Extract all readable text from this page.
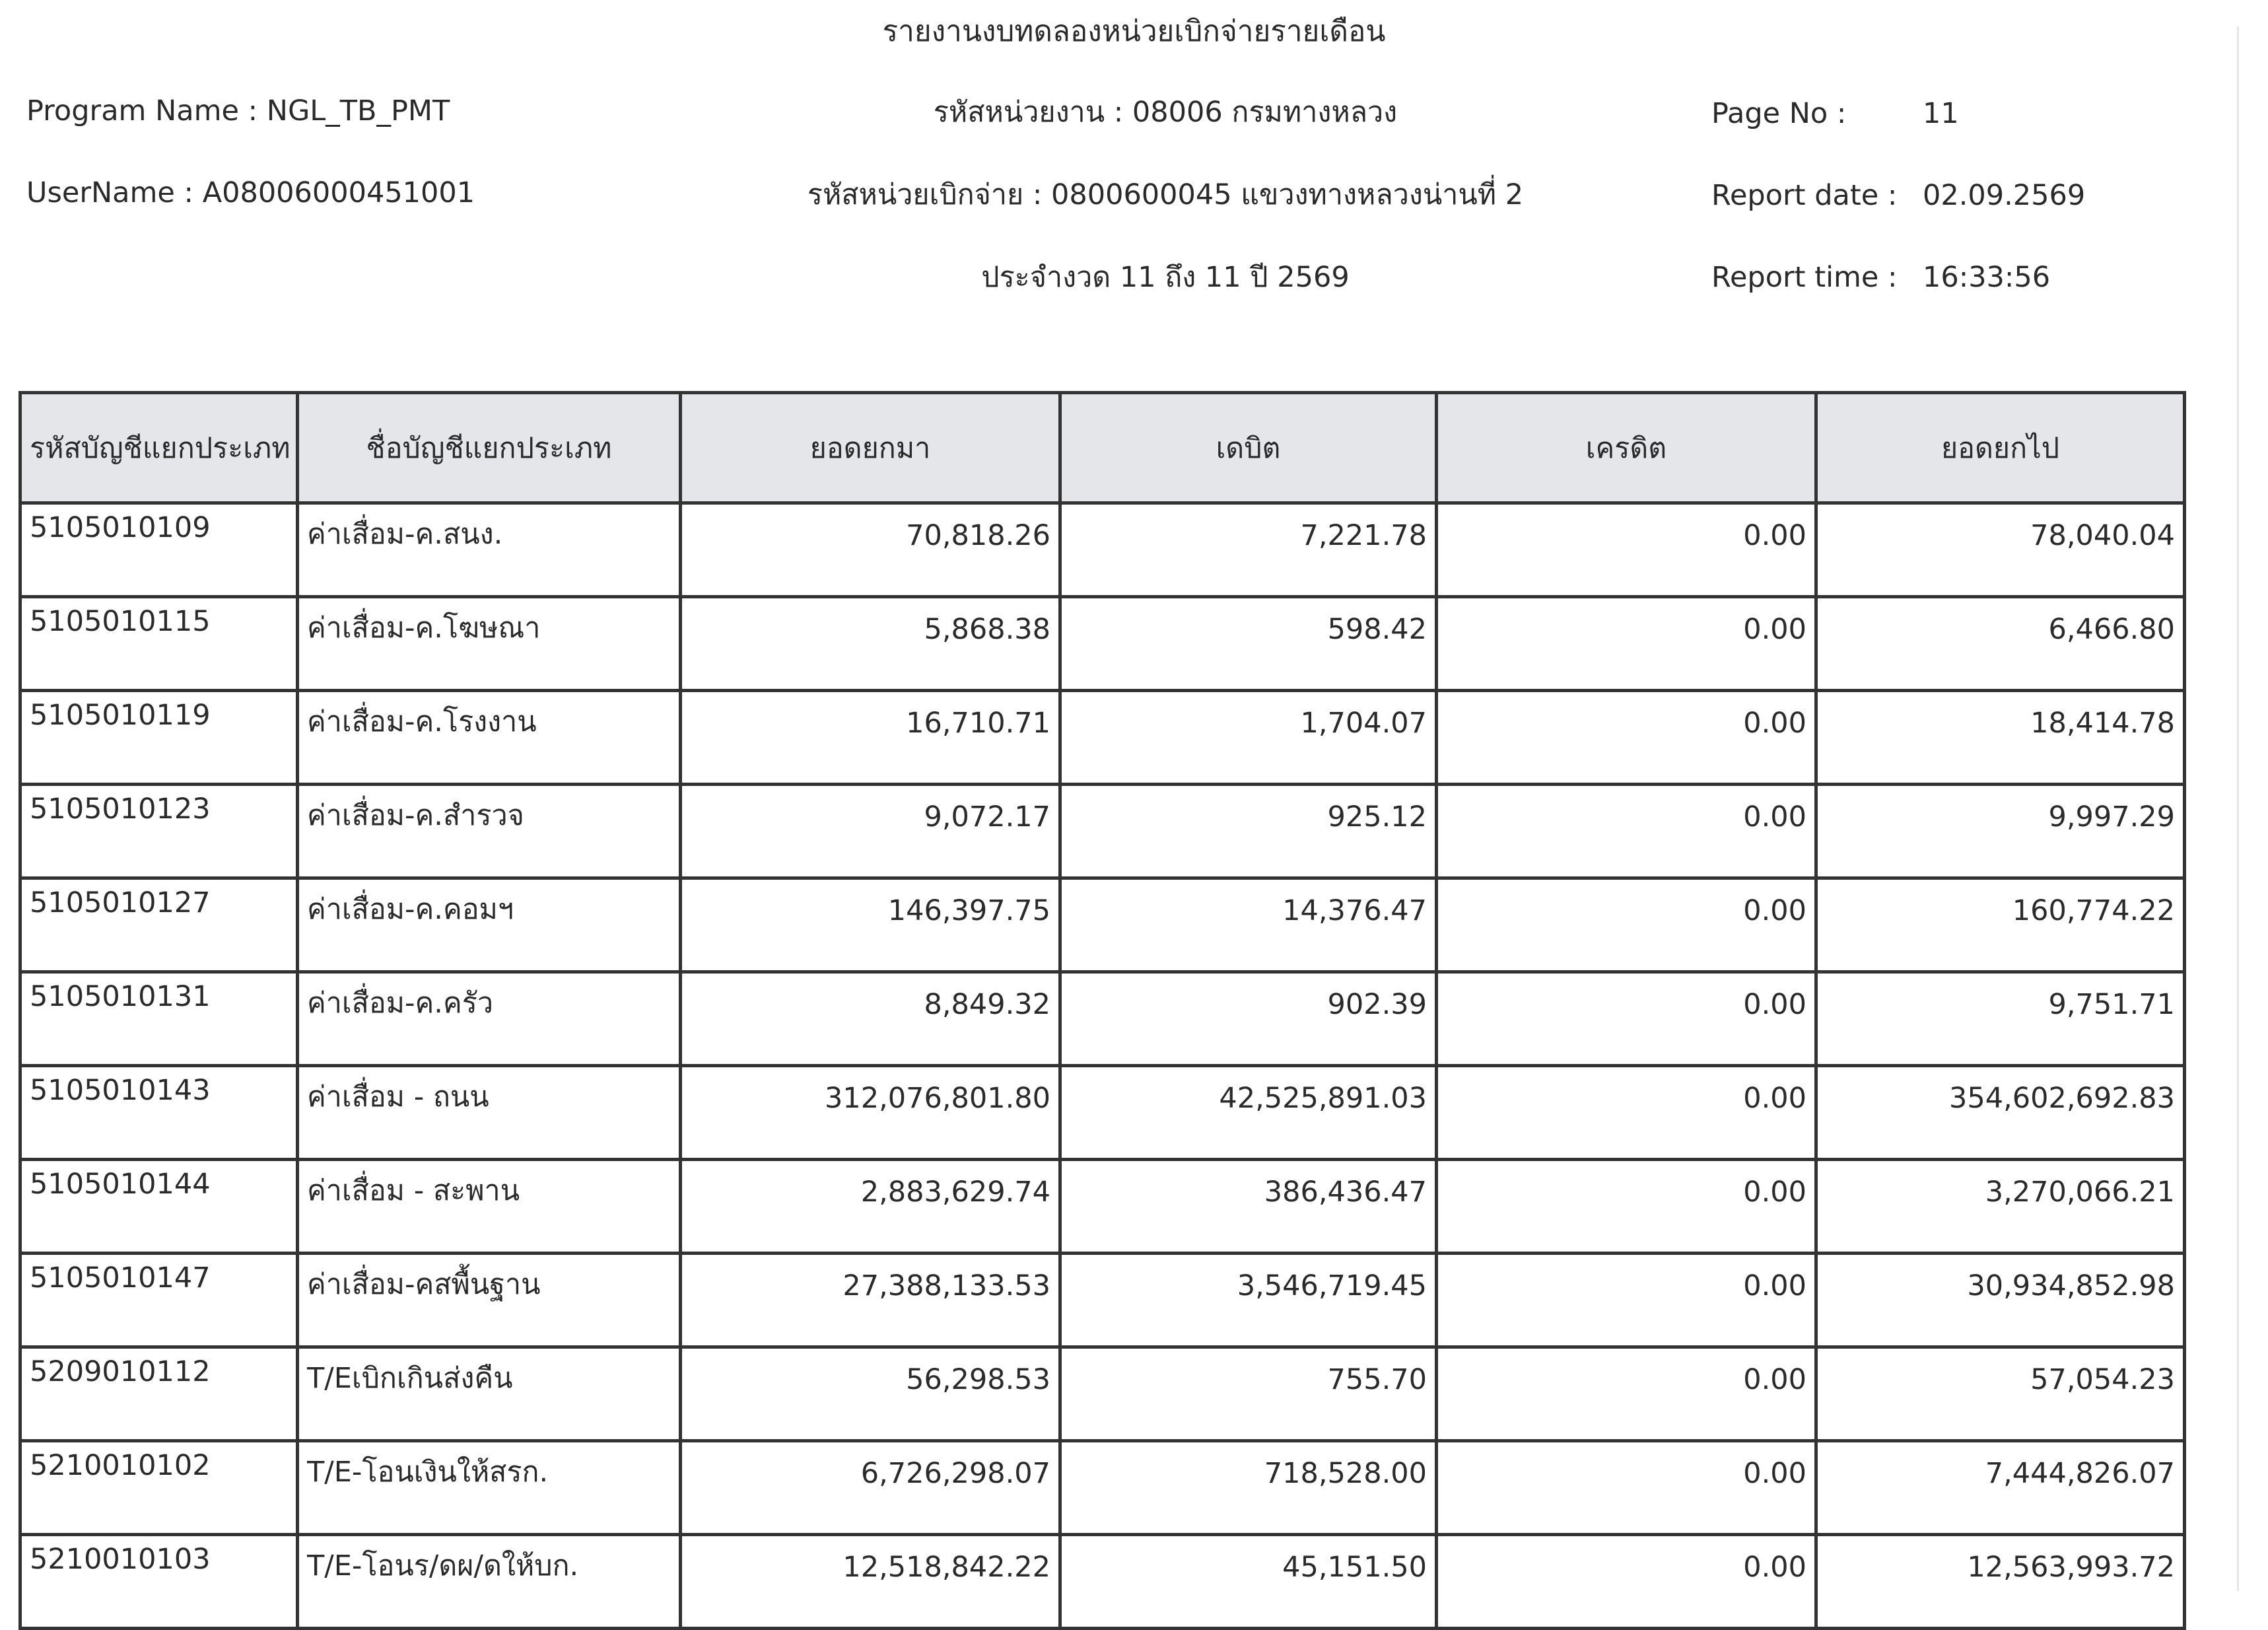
รายงานงบทดลองหน่วยเบิกจ่ายรายเดือน
Program Name : NGL_TB_PMT
UserName : A08006000451001
รหัสหน่วยงาน : 08006 กรมทางหลวง
รหัสหน่วยเบิกจ่าย : 0800600045 แขวงทางหลวงน่านที่ 2
ประจำงวด 11 ถึง 11 ปี 2569
Page No :	11
Report date : 02.09.2569
Report time : 16:33:56
รหัสบัญชีแยกประเภท	ชื่อบัญชีแยกประเภท	ยอดยกมา	เดบิต	เครดิต	ยอดยกไป
5105010109	ค่าเสื่อม-ค.สนง.	70,818.26	7,221.78	0.00	78,040.04
5105010115	ค่าเสื่อม-ค.โฆษณา	5,868.38	598.42	0.00	6,466.80
5105010119	ค่าเสื่อม-ค.โรงงาน	16,710.71	1,704.07	0.00	18,414.78
5105010123	ค่าเสื่อม-ค.สำรวจ	9,072.17	925.12	0.00	9,997.29
5105010127	ค่าเสื่อม-ค.คอมฯ	146,397.75	14,376.47	0.00	160,774.22
5105010131	ค่าเสื่อม-ค.ครัว	8,849.32	902.39	0.00	9,751.71
5105010143	ค่าเสื่อม - ถนน	312,076,801.80	42,525,891.03	0.00	354,602,692.83
5105010144	ค่าเสื่อม - สะพาน	2,883,629.74	386,436.47	0.00	3,270,066.21
5105010147	ค่าเสื่อม-คสพื้นฐาน	27,388,133.53	3,546,719.45	0.00	30,934,852.98
5209010112	T/Eเบิกเกินส่งคืน	56,298.53	755.70	0.00	57,054.23
5210010102	T/E-โอนเงินให้สรก.	6,726,298.07	718,528.00	0.00	7,444,826.07
5210010103	T/E-โอนร/ดผ/ดให้บก.	12,518,842.22	45,151.50	0.00	12,563,993.72
